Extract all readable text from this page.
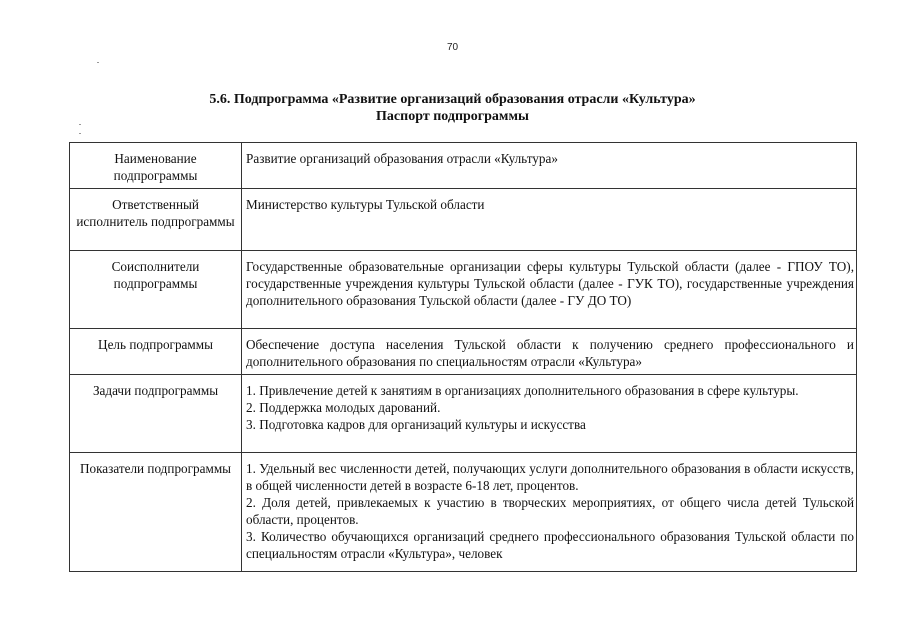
70
5.6. Подпрограмма «Развитие организаций образования отрасли «Культура»
Паспорт подпрограммы
Наименование подпрограммы	Развитие организаций образования отрасли «Культура»

Ответственный исполнитель подпрограммы	Министерство культуры Тульской области

Соисполнители подпрограммы	Государственные образовательные организации сферы культуры Тульской области (далее - ГПОУ ТО), государственные учреждения культуры Тульской области (далее - ГУК ТО), государственные учреждения дополнительного образования Тульской области (далее - ГУ ДО ТО)

Цель подпрограммы	Обеспечение доступа населения Тульской области к получению среднего профессионального и дополнительного образования по специальностям отрасли «Культура»

Задачи подпрограммы	1. Привлечение детей к занятиям в организациях дополнительного образования в сфере культуры.
2. Поддержка молодых дарований.
3. Подготовка кадров для организаций культуры и искусства

Показатели подпрограммы	1. Удельный вес численности детей, получающих услуги дополнительного образования в области искусств, в общей численности детей в возрасте 6-18 лет, процентов.
2. Доля детей, привлекаемых к участию в творческих мероприятиях, от общего числа детей Тульской области, процентов.
3. Количество обучающихся организаций среднего профессионального образования Тульской области по специальностям отрасли «Культура», человек
